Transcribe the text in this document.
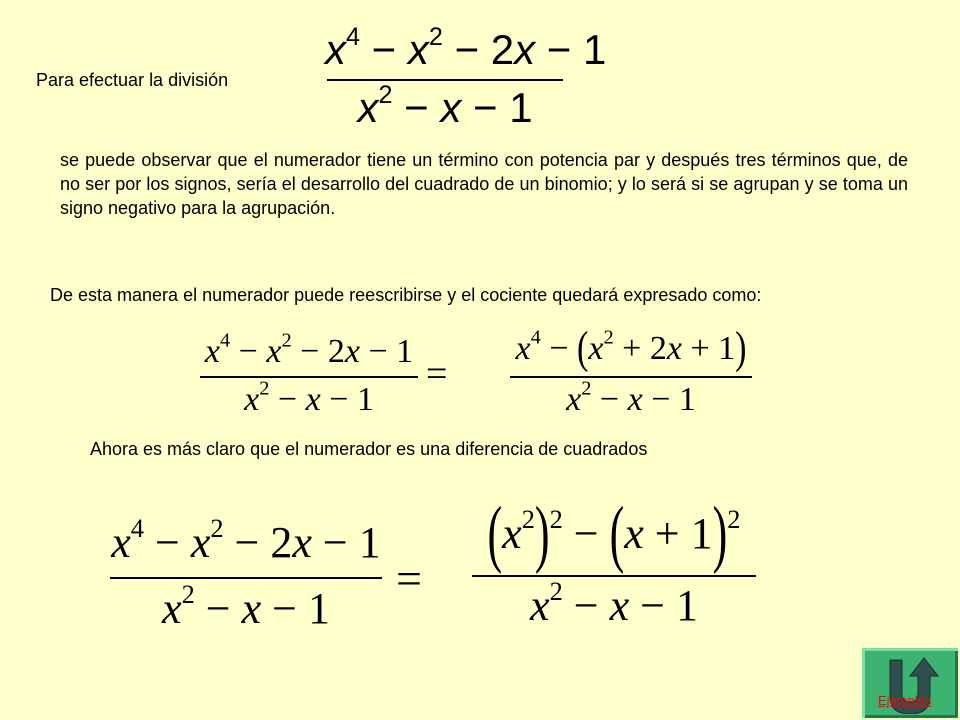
Para efectuar la división
$x^4 - x^2 - 2x - 1$
$x^2 - x - 1$
se puede observar que el numerador tiene un término con potencia par y después tres términos que, de no ser por los signos, sería el desarrollo del cuadrado de un binomio; y lo será si se agrupan y se toma un signo negativo para la agrupación.
De esta manera el numerador puede reescribirse y el cociente quedará expresado como:
$x^4 - x^2 - 2x - 1$
$x^2 - x - 1$
=
$x^4 - (x^2 + 2x + 1)$
$x^2 - x - 1$
Ahora es más claro que el numerador es una diferencia de cuadrados
$x^4 - x^2 - 2x - 1$
$x^2 - x - 1$
=
$(x^2)^2 - (x + 1)^2$
$x^2 - x - 1$
Ejemplos
